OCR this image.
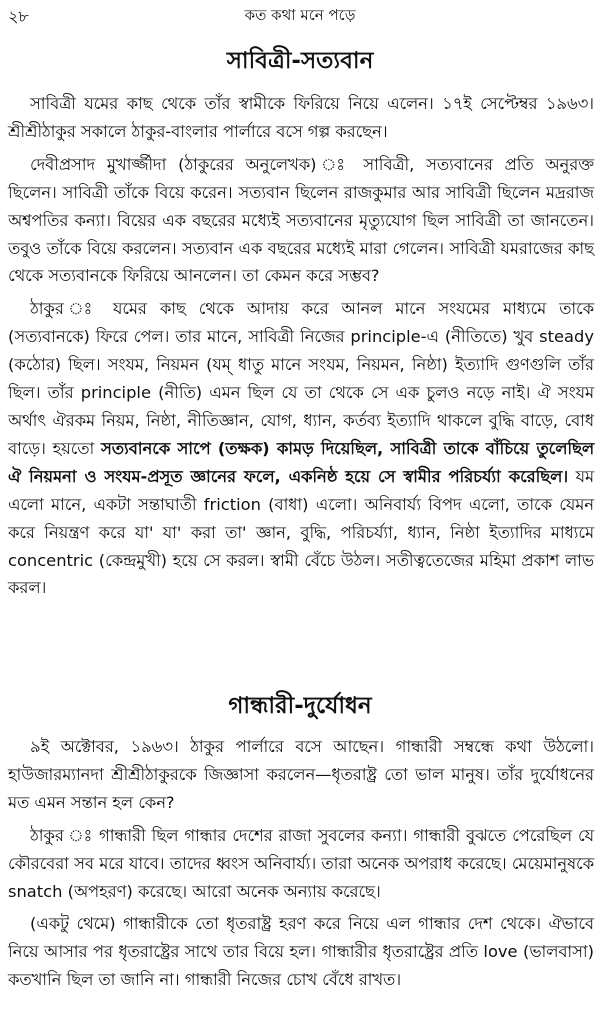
২৮	কত কথা মনে পড়ে
সাবিত্রী-সত্যবান

সাবিত্রী যমের কাছ থেকে তাঁর স্বামীকে ফিরিয়ে নিয়ে এলেন। ১৭ই সেপ্টেম্বর ১৯৬৩। শ্রীশ্রীঠাকুর সকালে ঠাকুর-বাংলার পার্লারে বসে গল্প করছেন।

দেবীপ্রসাদ মুখার্জ্জীদা (ঠাকুরের অনুলেখক) ঃ সাবিত্রী, সত্যবানের প্রতি অনুরক্ত ছিলেন। সাবিত্রী তাঁকে বিয়ে করেন। সত্যবান ছিলেন রাজকুমার আর সাবিত্রী ছিলেন মদ্ররাজ অশ্বপতির কন্যা। বিয়ের এক বছরের মধ্যেই সত্যবানের মৃত্যুযোগ ছিল সাবিত্রী তা জানতেন। তবুও তাঁকে বিয়ে করলেন। সত্যবান এক বছরের মধ্যেই মারা গেলেন। সাবিত্রী যমরাজের কাছ থেকে সত্যবানকে ফিরিয়ে আনলেন। তা কেমন করে সম্ভব?

ঠাকুর ঃ যমের কাছ থেকে আদায় করে আনল মানে সংযমের মাধ্যমে তাকে (সত্যবানকে) ফিরে পেল। তার মানে, সাবিত্রী নিজের principle-এ (নীতিতে) খুব steady (কঠোর) ছিল। সংযম, নিয়মন (যম্ ধাতু মানে সংযম, নিয়মন, নিষ্ঠা) ইত্যাদি গুণগুলি তাঁর ছিল। তাঁর principle (নীতি) এমন ছিল যে তা থেকে সে এক চুলও নড়ে নাই। ঐ সংযম অর্থাৎ ঐরকম নিয়ম, নিষ্ঠা, নীতিজ্ঞান, যোগ, ধ্যান, কর্তব্য ইত্যাদি থাকলে বুদ্ধি বাড়ে, বোধ বাড়ে। হয়তো সত্যবানকে সাপে (তক্ষক) কামড় দিয়েছিল, সাবিত্রী তাকে বাঁচিয়ে তুলেছিল ঐ নিয়মনা ও সংযম-প্রসূত জ্ঞানের ফলে, একনিষ্ঠ হয়ে সে স্বামীর পরিচর্য্যা করেছিল। যম এলো মানে, একটা সন্তাঘাতী friction (বাধা) এলো। অনিবার্য্য বিপদ এলো, তাকে যেমন করে নিয়ন্ত্রণ করে যা' যা' করা তা' জ্ঞান, বুদ্ধি, পরিচর্য্যা, ধ্যান, নিষ্ঠা ইত্যাদির মাধ্যমে concentric (কেন্দ্রমুখী) হয়ে সে করল। স্বামী বেঁচে উঠল। সতীত্বতেজের মহিমা প্রকাশ লাভ করল।

গান্ধারী-দুর্যোধন

৯ই অক্টোবর, ১৯৬৩। ঠাকুর পার্লারে বসে আছেন। গান্ধারী সম্বন্ধে কথা উঠলো। হাউজারম্যানদা শ্রীশ্রীঠাকুরকে জিজ্ঞাসা করলেন—ধৃতরাষ্ট্র তো ভাল মানুষ। তাঁর দুর্যোধনের মত এমন সন্তান হল কেন?

ঠাকুর ঃ গান্ধারী ছিল গান্ধার দেশের রাজা সুবলের কন্যা। গান্ধারী বুঝতে পেরেছিল যে কৌরবেরা সব মরে যাবে। তাদের ধ্বংস অনিবার্য্য। তারা অনেক অপরাধ করেছে। মেয়েমানুষকে snatch (অপহরণ) করেছে। আরো অনেক অন্যায় করেছে।

(একটু থেমে) গান্ধারীকে তো ধৃতরাষ্ট্র হরণ করে নিয়ে এল গান্ধার দেশ থেকে। ঐভাবে নিয়ে আসার পর ধৃতরাষ্ট্রের সাথে তার বিয়ে হল। গান্ধারীর ধৃতরাষ্ট্রের প্রতি love (ভালবাসা) কতখানি ছিল তা জানি না। গান্ধারী নিজের চোখ বেঁধে রাখত।
